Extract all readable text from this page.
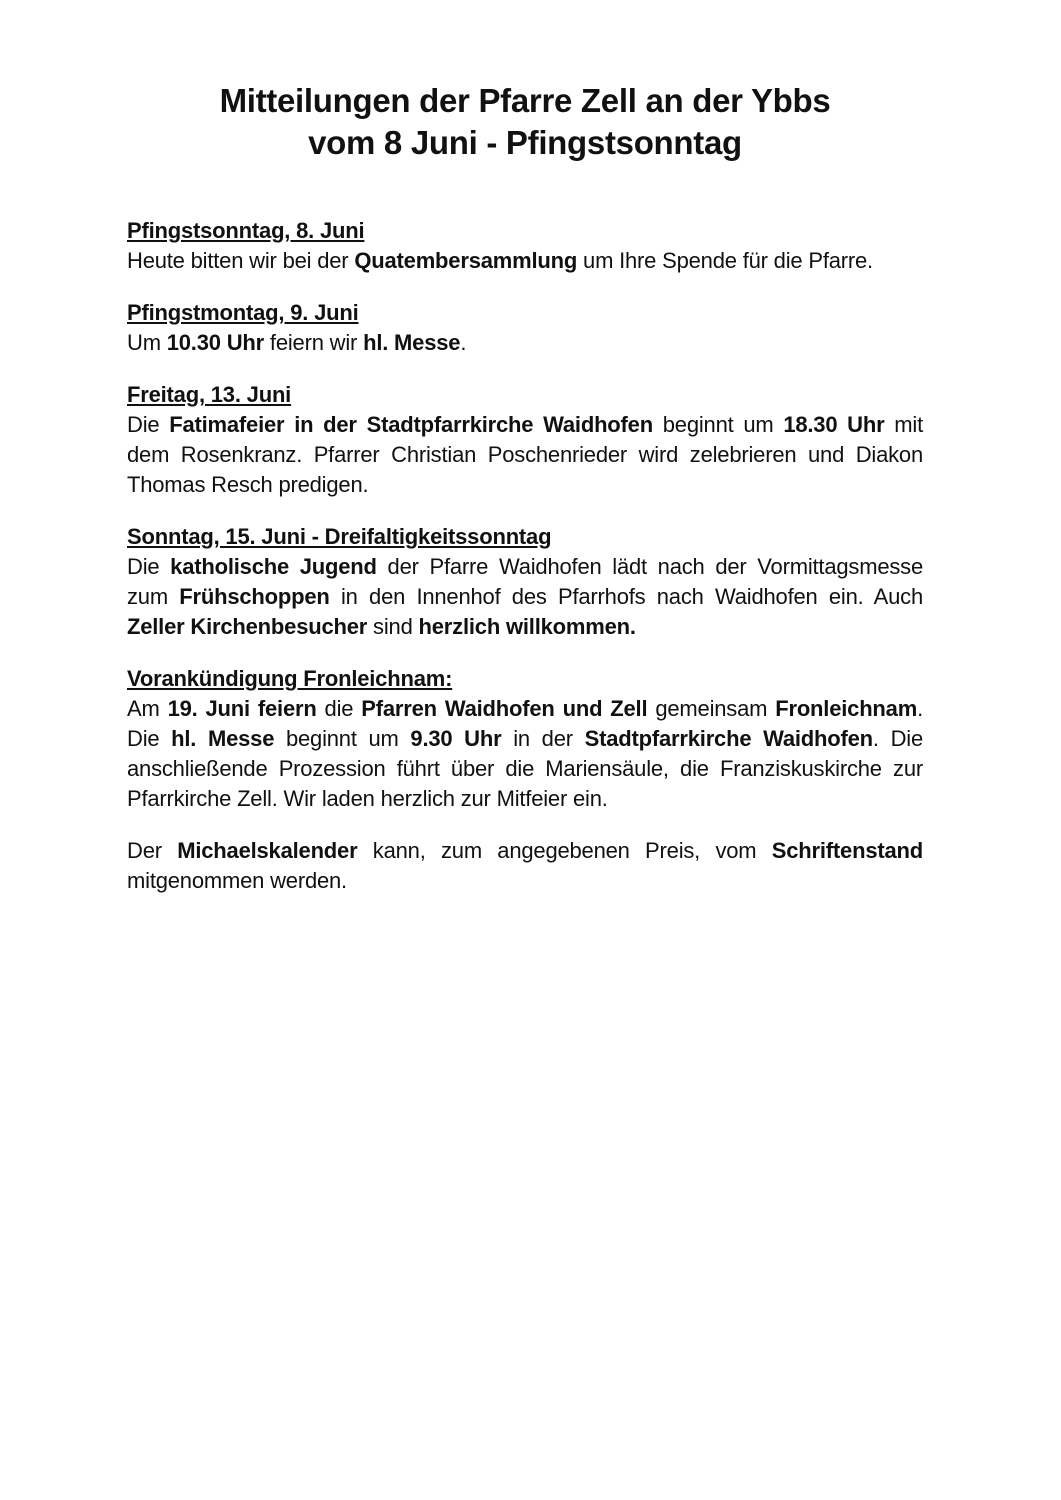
Mitteilungen der Pfarre Zell an der Ybbs
vom 8 Juni - Pfingstsonntag
Pfingstsonntag, 8. Juni
Heute bitten wir bei der Quatembersammlung um Ihre Spende für die Pfarre.
Pfingstmontag, 9. Juni
Um 10.30 Uhr feiern wir hl. Messe.
Freitag, 13. Juni
Die Fatimafeier in der Stadtpfarrkirche Waidhofen beginnt um 18.30 Uhr mit dem Rosenkranz. Pfarrer Christian Poschenrieder wird zelebrieren und Diakon Thomas Resch predigen.
Sonntag, 15. Juni - Dreifaltigkeitssonntag
Die katholische Jugend der Pfarre Waidhofen lädt nach der Vormittagsmesse zum Frühschoppen in den Innenhof des Pfarrhofs nach Waidhofen ein. Auch Zeller Kirchenbesucher sind herzlich willkommen.
Vorankündigung Fronleichnam:
Am 19. Juni feiern die Pfarren Waidhofen und Zell gemeinsam Fronleichnam. Die hl. Messe beginnt um 9.30 Uhr in der Stadtpfarrkirche Waidhofen. Die anschließende Prozession führt über die Mariensäule, die Franziskuskirche zur Pfarrkirche Zell. Wir laden herzlich zur Mitfeier ein.
Der Michaelskalender kann, zum angegebenen Preis, vom Schriftenstand mitgenommen werden.
